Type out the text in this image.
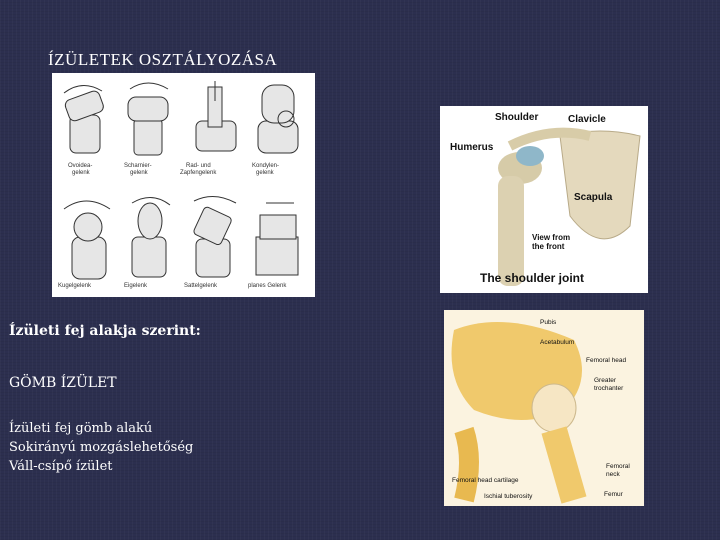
ÍZÜLETEK OSZTÁLYOZÁSA
Ovoidea-
gelenk
Scharnier-
gelenk
Rad- und
Zapfengelenk
Kondylen-
gelenk
Kugelgelenk	Eigelenk	Sattelgelenk	planes Gelenk
Shoulder	Clavicle
Humerus
Scapula
View from
the front
The shoulder joint
Pubis
Acetabulum
Femoral head
Greater
trochanter
Femoral
neck
Femoral head cartilage
Ischial tuberosity	Femur
Ízületi fej alakja szerint:
GÖMB ÍZÜLET
Ízületi fej gömb alakú
Sokirányú mozgáslehetőség
Váll-csípő ízület
